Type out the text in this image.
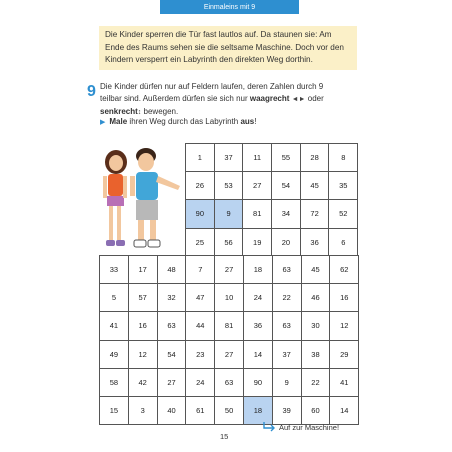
Einmaleins mit 9
Die Kinder sperren die Tür fast lautlos auf. Da staunen sie: Am Ende des Raums sehen sie die seltsame Maschine. Doch vor den Kindern versperrt ein Labyrinth den direkten Weg dorthin.
9 Die Kinder dürfen nur auf Feldern laufen, deren Zahlen durch 9
teilbar sind. Außerdem dürfen sie sich nur waagrecht ◄► oder
senkrecht↕ bewegen.
▶ Male ihren Weg durch das Labyrinth aus!
1	37	11	55	28	8
26	53	27	54	45	35
90	9	81	34	72	52
25	56	19	20	36	6
33	17	48	7	27	18	63	45	62
5	57	32	47	10	24	22	46	16
41	16	63	44	81	36	63	30	12
49	12	54	23	27	14	37	38	29
58	42	27	24	63	90	9	22	41
15	3	40	61	50	18	39	60	14
Auf zur Maschine!
15
